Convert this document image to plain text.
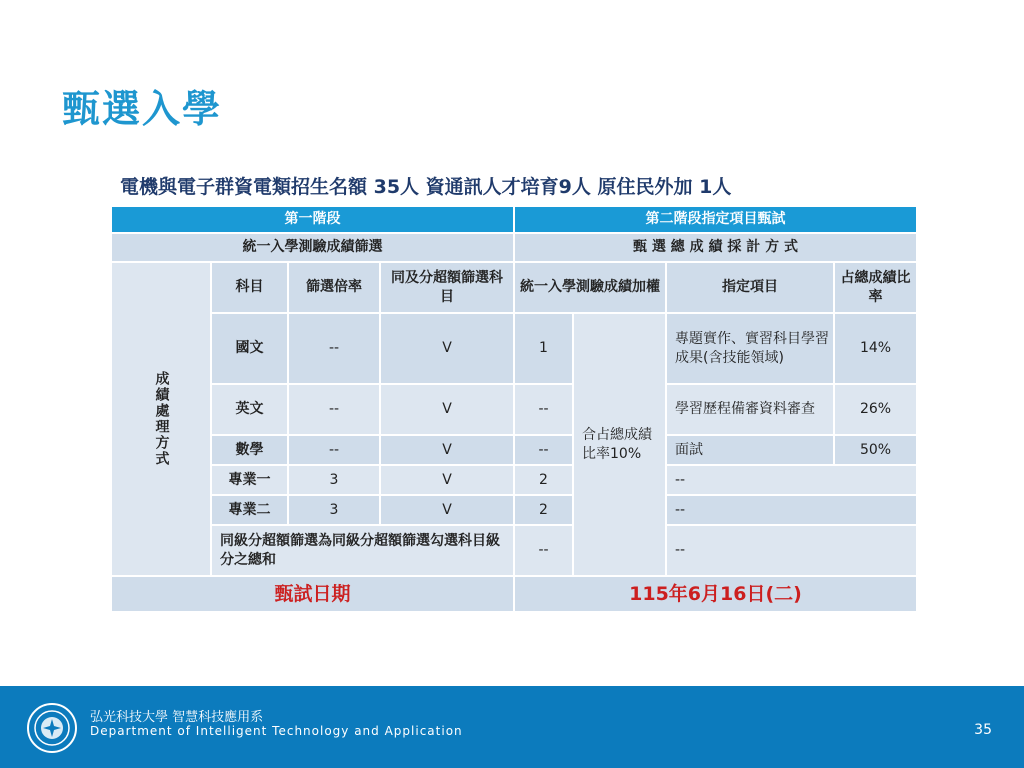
甄選入學
電機與電子群資電類招生名額 35人 資通訊人才培育9人 原住民外加 1人
第一階段				第二階段指定項目甄試			
統一入學測驗成績篩選				甄 選 總 成 績 採 計 方 式			
成績處理方式	科目	篩選倍率	同及分超額篩選科目	統一入學測驗成績加權		指定項目	占總成績比率
	國文	--	V	1	合占總成績比率10%	專題實作、實習科目學習成果(含技能領域)	14%
	英文	--	V	--		學習歷程備審資料審查	26%
	數學	--	V	--		面試	50%
	專業一	3	V	2		--	
	專業二	3	V	2		--	
	同級分超額篩選為同級分超額篩選勾選科目級分之總和			--		--	
甄試日期				115年6月16日(二)			
弘光科技大學 智慧科技應用系
Department of Intelligent Technology and Application	35
